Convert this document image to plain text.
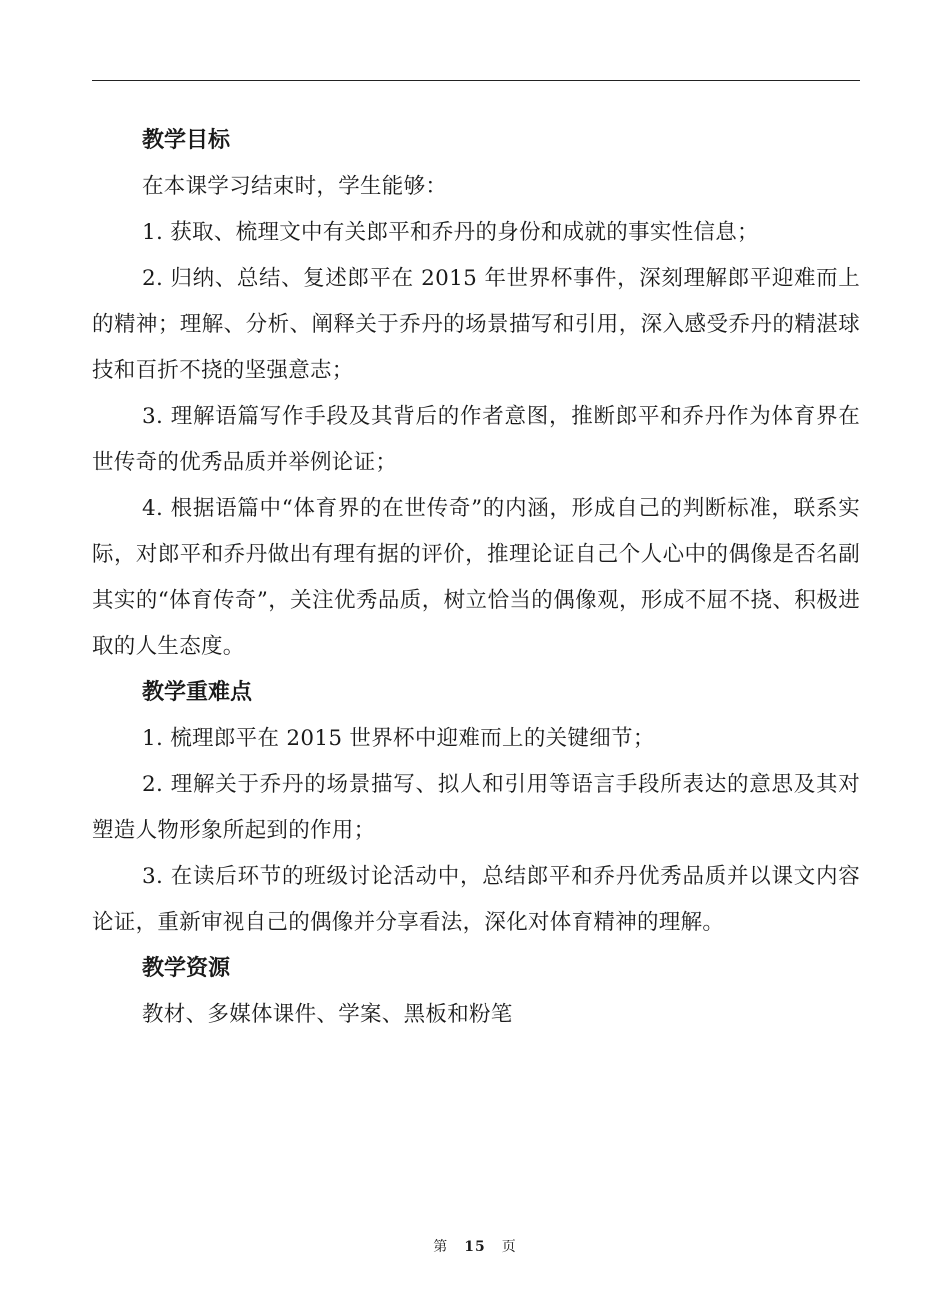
教学目标

在本课学习结束时，学生能够：

1. 获取、梳理文中有关郎平和乔丹的身份和成就的事实性信息；

2. 归纳、总结、复述郎平在 2015 年世界杯事件，深刻理解郎平迎难而上的精神；理解、分析、阐释关于乔丹的场景描写和引用，深入感受乔丹的精湛球技和百折不挠的坚强意志；

3. 理解语篇写作手段及其背后的作者意图，推断郎平和乔丹作为体育界在世传奇的优秀品质并举例论证；

4. 根据语篇中“体育界的在世传奇”的内涵，形成自己的判断标准，联系实际，对郎平和乔丹做出有理有据的评价，推理论证自己个人心中的偶像是否名副其实的“体育传奇”，关注优秀品质，树立恰当的偶像观，形成不屈不挠、积极进取的人生态度。

教学重难点

1. 梳理郎平在 2015 世界杯中迎难而上的关键细节；

2. 理解关于乔丹的场景描写、拟人和引用等语言手段所表达的意思及其对塑造人物形象所起到的作用；

3. 在读后环节的班级讨论活动中，总结郎平和乔丹优秀品质并以课文内容论证，重新审视自己的偶像并分享看法，深化对体育精神的理解。

教学资源

教材、多媒体课件、学案、黑板和粉笔

第 15 页
